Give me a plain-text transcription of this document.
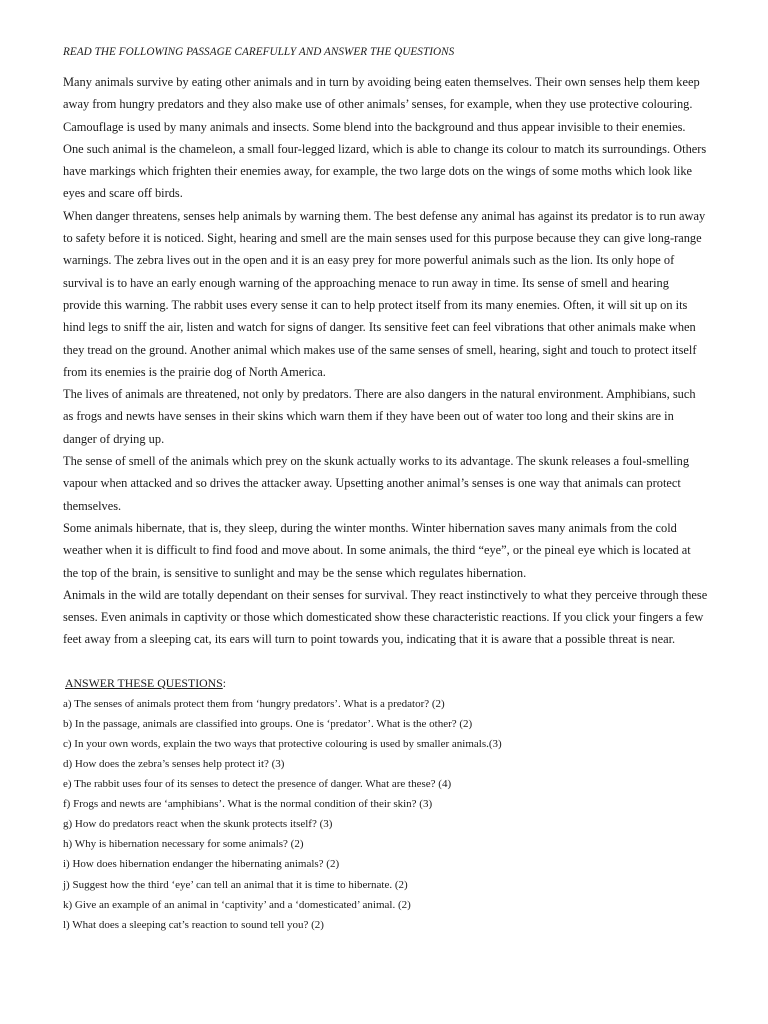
READ THE FOLLOWING PASSAGE CAREFULLY AND ANSWER THE QUESTIONS

Many animals survive by eating other animals and in turn by avoiding being eaten themselves. Their own senses help them keep away from hungry predators and they also make use of other animals’ senses, for example, when they use protective colouring. Camouflage is used by many animals and insects. Some blend into the background and thus appear invisible to their enemies. One such animal is the chameleon, a small four-legged lizard, which is able to change its colour to match its surroundings. Others have markings which frighten their enemies away, for example, the two large dots on the wings of some moths which look like eyes and scare off birds.

When danger threatens, senses help animals by warning them. The best defense any animal has against its predator is to run away to safety before it is noticed. Sight, hearing and smell are the main senses used for this purpose because they can give long-range warnings. The zebra lives out in the open and it is an easy prey for more powerful animals such as the lion. Its only hope of survival is to have an early enough warning of the approaching menace to run away in time. Its sense of smell and hearing provide this warning. The rabbit uses every sense it can to help protect itself from its many enemies. Often, it will sit up on its hind legs to sniff the air, listen and watch for signs of danger. Its sensitive feet can feel vibrations that other animals make when they tread on the ground. Another animal which makes use of the same senses of smell, hearing, sight and touch to protect itself from its enemies is the prairie dog of North America.

The lives of animals are threatened, not only by predators. There are also dangers in the natural environment. Amphibians, such as frogs and newts have senses in their skins which warn them if they have been out of water too long and their skins are in danger of drying up.

The sense of smell of the animals which prey on the skunk actually works to its advantage. The skunk releases a foul-smelling vapour when attacked and so drives the attacker away. Upsetting another animal’s senses is one way that animals can protect themselves.

Some animals hibernate, that is, they sleep, during the winter months. Winter hibernation saves many animals from the cold weather when it is difficult to find food and move about. In some animals, the third “eye”, or the pineal eye which is located at the top of the brain, is sensitive to sunlight and may be the sense which regulates hibernation.

Animals in the wild are totally dependant on their senses for survival. They react instinctively to what they perceive through these senses. Even animals in captivity or those which domesticated show these characteristic reactions. If you click your fingers a few feet away from a sleeping cat, its ears will turn to point towards you, indicating that it is aware that a possible threat is near.

ANSWER THESE QUESTIONS:
a) The senses of animals protect them from ‘hungry predators’. What is a predator? (2)
b) In the passage, animals are classified into groups. One is ‘predator’. What is the other? (2)
c) In your own words, explain the two ways that protective colouring is used by smaller animals.(3)
d) How does the zebra’s senses help protect it? (3)
e) The rabbit uses four of its senses to detect the presence of danger. What are these? (4)
f) Frogs and newts are ‘amphibians’. What is the normal condition of their skin? (3)
g) How do predators react when the skunk protects itself? (3)
h) Why is hibernation necessary for some animals? (2)
i) How does hibernation endanger the hibernating animals? (2)
j) Suggest how the third ‘eye’ can tell an animal that it is time to hibernate. (2)
k) Give an example of an animal in ‘captivity’ and a ‘domesticated’ animal. (2)
l) What does a sleeping cat’s reaction to sound tell you? (2)
